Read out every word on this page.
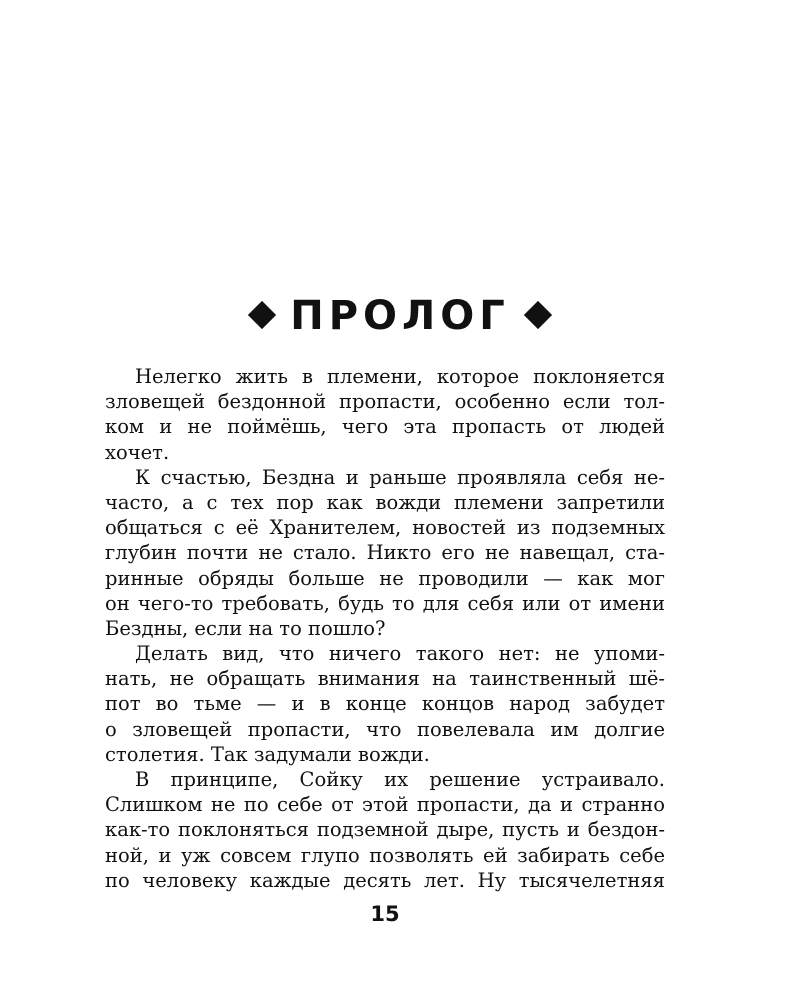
ПРОЛОГ
Нелегко жить в племени, которое поклоняется
зловещей бездонной пропасти, особенно если тол-
ком и не поймёшь, чего эта пропасть от людей
хочет.
К счастью, Бездна и раньше проявляла себя не-
часто, а с тех пор как вожди племени запретили
общаться с её Хранителем, новостей из подземных
глубин почти не стало. Никто его не навещал, ста-
ринные обряды больше не проводили — как мог
он чего-то требовать, будь то для себя или от имени
Бездны, если на то пошло?
Делать вид, что ничего такого нет: не упоми-
нать, не обращать внимания на таинственный шё-
пот во тьме — и в конце концов народ забудет
о зловещей пропасти, что повелевала им долгие
столетия. Так задумали вожди.
В принципе, Сойку их решение устраивало.
Слишком не по себе от этой пропасти, да и странно
как-то поклоняться подземной дыре, пусть и бездон-
ной, и уж совсем глупо позволять ей забирать себе
по человеку каждые десять лет. Ну тысячелетняя
15
